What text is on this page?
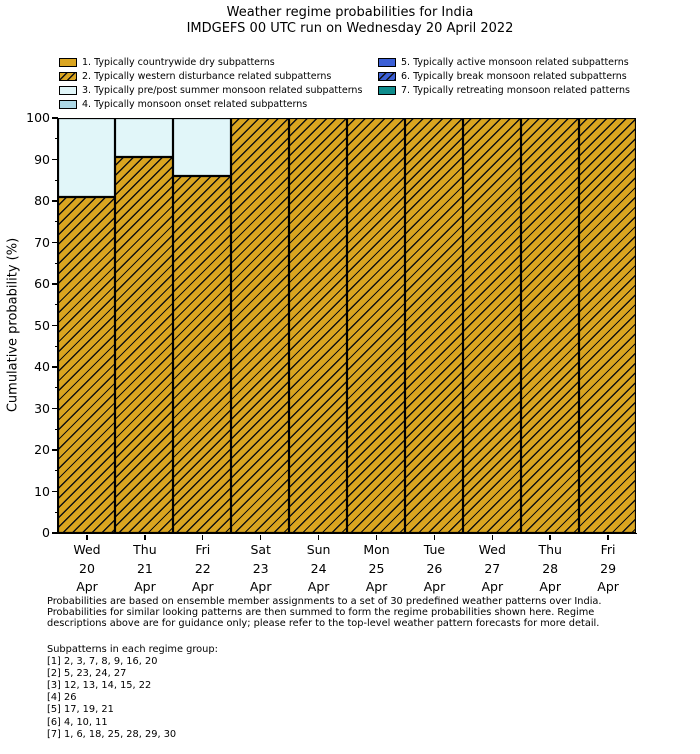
Weather regime probabilities for India
IMDGEFS 00 UTC run on Wednesday 20 April 2022
1. Typically countrywide dry subpatterns
2. Typically western disturbance related subpatterns
3. Typically pre/post summer monsoon related subpatterns
4. Typically monsoon onset related subpatterns
5. Typically active monsoon related subpatterns
6. Typically break monsoon related subpatterns
7. Typically retreating monsoon related patterns
Cumulative probability (%)
Probabilities are based on ensemble member assignments to a set of 30 predefined weather patterns over India.
Probabilities for similar looking patterns are then summed to form the regime probabilities shown here. Regime
descriptions above are for guidance only; please refer to the top-level weather pattern forecasts for more detail.
Subpatterns in each regime group:
[1] 2, 3, 7, 8, 9, 16, 20
[2] 5, 23, 24, 27
[3] 12, 13, 14, 15, 22
[4] 26
[5] 17, 19, 21
[6] 4, 10, 11
[7] 1, 6, 18, 25, 28, 29, 30
0
10
20
30
40
50
60
70
80
90
100
Wed
20
Apr
Thu
21
Apr
Fri
22
Apr
Sat
23
Apr
Sun
24
Apr
Mon
25
Apr
Tue
26
Apr
Wed
27
Apr
Thu
28
Apr
Fri
29
Apr
